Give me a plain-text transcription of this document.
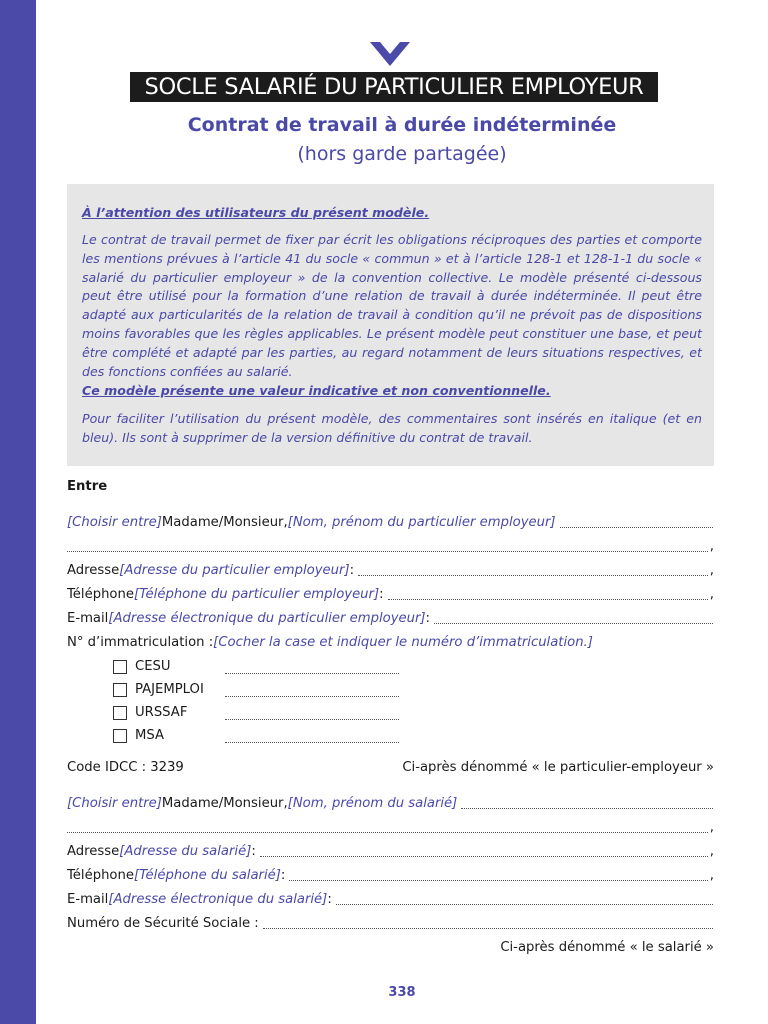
SOCLE SALARIÉ DU PARTICULIER EMPLOYEUR
Contrat de travail à durée indéterminée
(hors garde partagée)
À l’attention des utilisateurs du présent modèle.
Le contrat de travail permet de fixer par écrit les obligations réciproques des parties et comporte les mentions prévues à l’article 41 du socle « commun » et à l’article 128-1 et 128-1-1 du socle « salarié du particulier employeur » de la convention collective. Le modèle présenté ci-dessous peut être utilisé pour la formation d’une relation de travail à durée indéterminée. Il peut être adapté aux particularités de la relation de travail à condition qu’il ne prévoit pas de dispositions moins favorables que les règles applicables. Le présent modèle peut constituer une base, et peut être complété et adapté par les parties, au regard notamment de leurs situations respectives, et des fonctions confiées au salarié.
Ce modèle présente une valeur indicative et non conventionnelle.
Pour faciliter l’utilisation du présent modèle, des commentaires sont insérés en italique (et en bleu). Ils sont à supprimer de la version définitive du contrat de travail.
Entre
[Choisir entre] Madame/Monsieur, [Nom, prénom du particulier employeur]
,
Adresse [Adresse du particulier employeur] :	,
Téléphone [Téléphone du particulier employeur] :	,
E-mail [Adresse électronique du particulier employeur] :
N° d’immatriculation : [Cocher la case et indiquer le numéro d’immatriculation.]
CESU
PAJEMPLOI
URSSAF
MSA
Code IDCC : 3239	Ci-après dénommé « le particulier-employeur »
[Choisir entre] Madame/Monsieur, [Nom, prénom du salarié]
,
Adresse [Adresse du salarié] :	,
Téléphone [Téléphone du salarié] :	,
E-mail [Adresse électronique du salarié] :
Numéro de Sécurité Sociale :
Ci-après dénommé « le salarié »
338
